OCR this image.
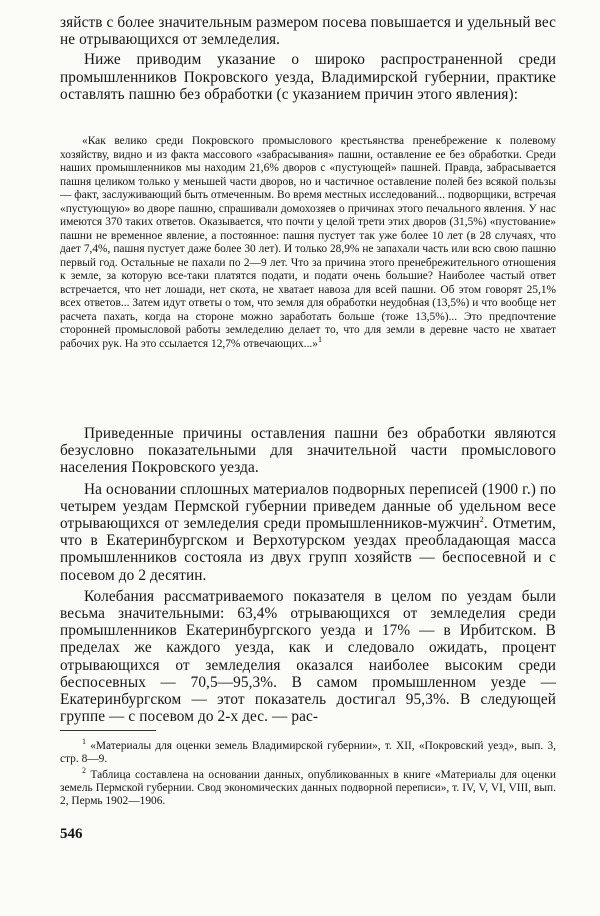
зяйств с более значительным размером посева повышается и удельный вес не отрывающихся от земледелия.

Ниже приводим указание о широко распространенной среди промышленников Покровского уезда, Владимирской губернии, практике оставлять пашню без обработки (с указанием причин этого явления):

«Как велико среди Покровского промыслового крестьянства пренебрежение к полевому хозяйству, видно и из факта массового «забрасывания» пашни, оставление ее без обработки. Среди наших промышленников мы находим 21,6% дворов с «пустующей» пашней. Правда, забрасывается пашня целиком только у меньшей части дворов, но и частичное оставление полей без всякой пользы — факт, заслуживающий быть отмеченным. Во время местных исследований... подворщики, встречая «пустующую» во дворе пашню, спрашивали домохозяев о причинах этого печального явления. У нас имеются 370 таких ответов. Оказывается, что почти у целой трети этих дворов (31,5%) «пустование» пашни не временное явление, а постоянное: пашня пустует так уже более 10 лет (в 28 случаях, что дает 7,4%, пашня пустует даже более 30 лет). И только 28,9% не запахали часть или всю свою пашню первый год. Остальные не пахали по 2—9 лет. Что за причина этого пренебрежительного отношения к земле, за которую все-таки платятся подати, и подати очень большие? Наиболее частый ответ встречается, что нет лошади, нет скота, не хватает навоза для всей пашни. Об этом говорят 25,1% всех ответов... Затем идут ответы о том, что земля для обработки неудобная (13,5%) и что вообще нет расчета пахать, когда на стороне можно заработать больше (тоже 13,5%)... Это предпочтение сторонней промысловой работы земледелию делает то, что для земли в деревне часто не хватает рабочих рук. На это ссылается 12,7% отвечающих...»$^1$

Приведенные причины оставления пашни без обработки являются безусловно показательными для значительной части промыслового населения Покровского уезда.

На основании сплошных материалов подворных переписей (1900 г.) по четырем уездам Пермской губернии приведем данные об удельном весе отрывающихся от земледелия среди промышленников-мужчин$^2$. Отметим, что в Екатеринбургском и Верхотурском уездах преобладающая масса промышленников состояла из двух групп хозяйств — беспосевной и с посевом до 2 десятин.

Колебания рассматриваемого показателя в целом по уездам были весьма значительными: 63,4% отрывающихся от земледелия среди промышленников Екатеринбургского уезда и 17% — в Ирбитском. В пределах же каждого уезда, как и следовало ожидать, процент отрывающихся от земледелия оказался наиболее высоким среди беспосевных — 70,5—95,3%. В самом промышленном уезде — Екатеринбургском — этот показатель достигал 95,3%. В следующей группе — с посевом до 2-х дес. — рас-

$^1$ «Материалы для оценки земель Владимирской губернии», т. XII, «Покровский уезд», вып. 3, стр. 8—9.

$^2$ Таблица составлена на основании данных, опубликованных в книге «Материалы для оценки земель Пермской губернии. Свод экономических данных подворной переписи», т. IV, V, VI, VIII, вып. 2, Пермь 1902—1906.

546
